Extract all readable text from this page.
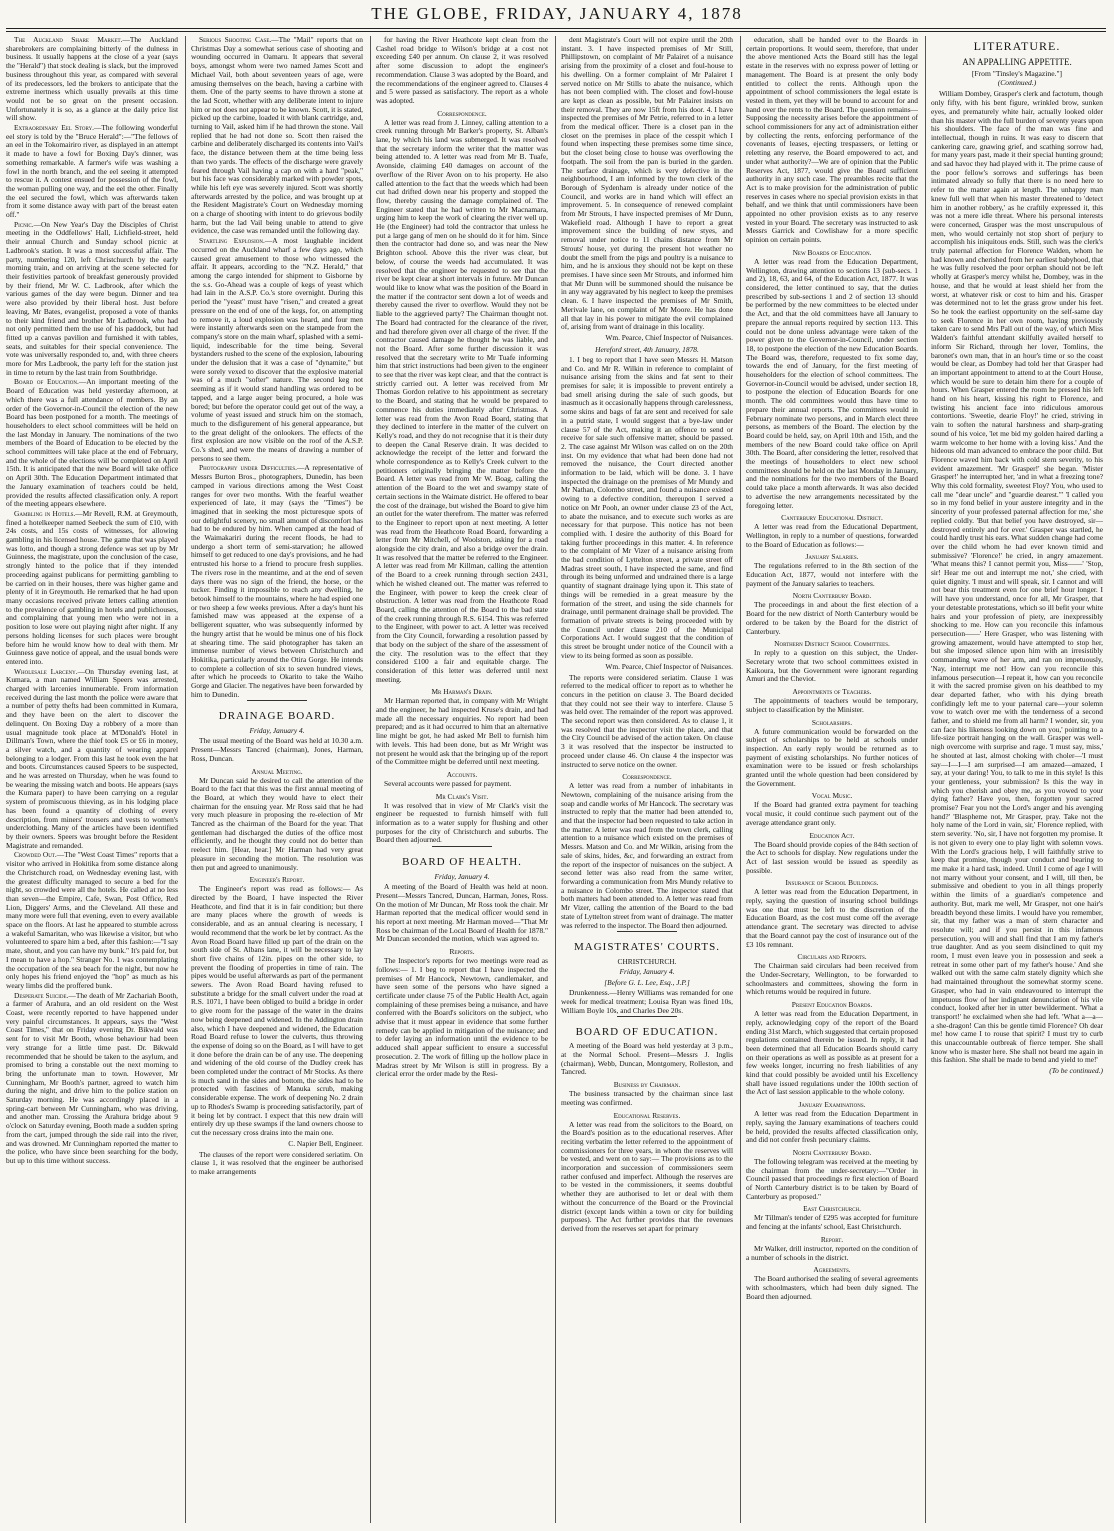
THE GLOBE, FRIDAY, JANUARY 4, 1878

The Auckland Share Market.—The Auckland sharebrokers are complaining bitterly of the dulness in business. It usually happens at the close of a year (says the "Herald") that stock dealing is slack, but the improved business throughout this year, as compared with several of its predecessors, led the brokers to anticipate that the extreme inertness which usually prevails at this time would not be so great on the present occasion. Unfortunately it is so, as a glance at the daily price list will show.

Extraordinary Eel Story.—The following wonderful eel story is told by the "Bruce Herald":—"The fellows of an eel in the Tokomairiro river, as displayed in an attempt it made to have a fowl for Boxing Day's dinner, was something remarkable. A farmer's wife was washing a fowl in the north branch, and the eel seeing it attempted to rescue it. A contest ensued for possession of the fowl, the woman pulling one way, and the eel the other. Finally the eel secured the fowl, which was afterwards taken from it some distance away with part of the breast eaten off."

Picnic.—On New Year's Day the Disciples of Christ meeting in the Oddfellows' Hall, Lichfield-street, held their annual Church and Sunday school picnic at Ladbrook's station. It was a most successful affair. The party, numbering 120, left Christchurch by the early morning train, and on arriving at the scene selected for their festivities partook of breakfast generously provided by their friend, Mr W. C. Ladbrook, after which the various games of the day were begun. Dinner and tea were also provided by their liberal host. Just before leaving, Mr Bates, evangelist, proposed a vote of thanks to their kind friend and brother Mr Ladbrook, who had not only permitted them the use of his paddock, but had fitted up a canvas pavilion and furnished it with tables, seats, and suitables for their special convenience. The vote was universally responded to, and, with three cheers more for Mrs Ladbrook, the party left for the station just in time to return by the last train from Southbridge.

Board of Education.—An important meeting of the Board of Education was held yesterday afternoon, at which there was a full attendance of members. By an order of the Governor-in-Council the election of the new Board has been postponed for a month. The meetings of householders to elect school committees will be held on the last Monday in January. The nominations of the two members of the Board of Education to be elected by the school committees will take place at the end of February, and the whole of the elections will be completed on April 15th. It is anticipated that the new Board will take office on April 30th. The Education Department intimated that the January examination of teachers could be held, provided the results affected classification only. A report of the meeting appears elsewhere.

Gambling in Hotels.—Mr Revell, R.M. at Greymouth, fined a hotelkeeper named Seebeck the sum of £10, with 24s costs, and 15s costs of witnesses, for allowing gambling in his licensed house. The game that was played was lotto, and though a strong defence was set up by Mr Guinness, the magistrate, upon the conclusion of the case, strongly hinted to the police that if they intended proceeding against publicans for permitting gambling to be carried on in their houses, there was higher game and plenty of it in Greymouth. He remarked that he had upon many occasions received private letters calling attention to the prevalence of gambling in hotels and publichouses, and complaining that young men who were not in a position to lose were out playing night after night. If any persons holding licenses for such places were brought before him he would know how to deal with them. Mr Guinness gave notice of appeal, and the usual bonds were entered into.

Wholesale Larceny.—On Thursday evening last, at Kumara, a man named William Speers was arrested, charged with larcenies innumerable. From information received during the last month the police were aware that a number of petty thefts had been committed in Kumara, and they have been on the alert to discover the delinquent. On Boxing Day a robbery of a more than usual magnitude took place at M'Donald's Hotel in Dillman's Town, where the thief took £5 or £6 in money, a silver watch, and a quantity of wearing apparel belonging to a lodger. From this last he took even the hat and boots. Circumstances caused Speers to be suspected, and he was arrested on Thursday, when he was found to be wearing the missing watch and boots. He appears (says the Kumara paper) to have been carrying on a regular system of promiscuous thieving, as in his lodging place has been found a quantity of clothing of every description, from miners' trousers and vests to women's underclothing. Many of the articles have been identified by their owners. Speers was brought before the Resident Magistrate and remanded.

Crowded Out.—The "West Coast Times" reports that a visitor who arrived in Hokitika from some distance along the Christchurch road, on Wednesday evening last, with the greatest difficulty managed to secure a bed for the night, so crowded were all the hotels. He called at no less than seven—the Empire, Cafe, Swan, Post Office, Red Lion, Diggers' Arms, and the Cleveland. All these and many more were full that evening, even to every available space on the floors. At last he appeared to stumble across a wakeful Samaritan, who was likewise a visitor, but who volunteered to spare him a bed, after this fashion:—"I say mate, shout, and you can have my bunk." It's paid for, but I mean to have a hop." Stranger No. 1 was contemplating the occupation of the sea beach for the night, but now he only hopes his friend enjoyed the "hop" as much as his weary limbs did the proffered bunk.

Desperate Suicide.—The death of Mr Zachariah Booth, a farmer of Arahura, and an old resident on the West Coast, were recently reported to have happened under very painful circumstances. It appears, says the "West Coast Times," that on Friday evening Dr. Bikwald was sent for to visit Mr Booth, whose behaviour had been very strange for a little time past. Dr. Bikwald recommended that he should be taken to the asylum, and promised to bring a constable out the next morning to bring the unfortunate man to town. However, Mr Cunningham, Mr Booth's partner, agreed to watch him during the night, and drive him to the police station on Saturday morning. He was accordingly placed in a spring-cart between Mr Cunningham, who was driving, and another man. Crossing the Arahura bridge about 9 o'clock on Saturday evening, Booth made a sudden spring from the cart, jumped through the side rail into the river, and was drowned. Mr Cunningham reported the matter to the police, who have since been searching for the body, but up to this time without success.

Serious Shooting Case.—The "Mail" reports that on Christmas Day a somewhat serious case of shooting and wounding occurred in Oamaru. It appears that several boys, amongst whom were two named James Scott and Michael Vail, both about seventeen years of age, were amusing themselves on the beach, having a carbine with them. One of the party seems to have thrown a stone at the lad Scott, whether with any deliberate intent to injure him or not does not appear to be known. Scott, it is stated, picked up the carbine, loaded it with blank cartridge, and, turning to Vail, asked him if he had thrown the stone. Vail replied that he had not done so. Scott then raised the carbine and deliberately discharged its contents into Vail's face, the distance between them at the time being less than two yards. The effects of the discharge were gravely feared through Vail having a cap on with a hard "peak," but his face was considerably marked with powder spots, while his left eye was severely injured. Scott was shortly afterwards arrested by the police, and was brought up at the Resident Magistrate's Court on Wednesday morning on a charge of shooting with intent to do grievous bodily harm, but the lad Vail being unable to attend to give evidence, the case was remanded until the following day.

Startling Explosion.—A most laughable incident occurred on the Auckland wharf a few days ago, which caused great amusement to those who witnessed the affair. It appears, according to the "N.Z. Herald," that among the cargo intended for shipment to Gisborne by the s.s. Go-Ahead was a couple of kegs of yeast which had lain in the A.S.P. Co.'s store overnight. During this period the "yeast" must have "risen," and created a great pressure on the end of one of the kegs, for, on attempting to remove it, a loud explosion was heard, and four men were instantly afterwards seen on the stampede from the company's store on the main wharf, splashed with a semi-liquid, indescribable for the time being. Several bystanders rushed to the scene of the explosion, labouring under the delusion that it was a case of "dynamite," but were sorely vexed to discover that the explosive material was of a much "softer" nature. The second keg not seeming as if it would stand handling was ordered to be tapped, and a large auger being procured, a hole was bored; but before the operator could get out of the way, a volume of yeast issued and struck him on the stomach, much to the disfigurement of his general appearance, but to the great delight of the onlookers. The effects of the first explosion are now visible on the roof of the A.S.P. Co.'s shed, and were the means of drawing a number of persons to see them.

Photography under Difficulties.—A representative of Messrs Burton Bros., photographers, Dunedin, has been camped in various directions among the West Coast ranges for over two months. With the fearful weather experienced of late, it may (says the "Times") be imagined that in seeking the most picturesque spots of our delightful scenery, no small amount of discomfort has had to be endured by him. When camped at the head of the Waimakariri during the recent floods, he had to undergo a short term of semi-starvation; he allowed himself to get reduced to one day's provisions, and he had entrusted his horse to a friend to procure fresh supplies. The rivers rose in the meantime, and at the end of seven days there was no sign of the friend, the horse, or the tucker. Finding it impossible to reach any dwelling, he betook himself to the mountains, where he had espied one or two sheep a few weeks previous. After a day's hunt his famished maw was appeased at the expense of a belligerent squatter, who was subsequently informed by the hungry artist that he would be minus one of his flock at shearing time. The said photographer has taken an immense number of views between Christchurch and Hokitika, particularly around the Otira Gorge. He intends to complete a collection of six to seven hundred views, after which he proceeds to Okarito to take the Waiho Gorge and Glacier. The negatives have been forwarded by him to Dunedin.

DRAINAGE BOARD.
Friday, January 4.

The usual meeting of the Board was held at 10.30 a.m. Present—Messrs Tancred (chairman), Jones, Harman, Ross, Duncan.

Annual Meeting.

Mr Duncan said he desired to call the attention of the Board to the fact that this was the first annual meeting of the Board, at which they would have to elect their chairman for the ensuing year. Mr Ross said that he had very much pleasure in proposing the re-election of Mr Tancred as the chairman of the Board for the year. That gentleman had discharged the duties of the office most efficiently, and he thought they could not do better than reelect him. [Hear, hear.] Mr Harman had very great pleasure in seconding the motion. The resolution was then put and agreed to unanimously.

Engineer's Report.

The Engineer's report was read as follows:— As directed by the Board, I have inspected the River Heathcote, and find that it is in fair condition; but there are many places where the growth of weeds is considerable, and as an annual clearing is necessary, I would recommend that the work be let by contract. As the Avon Road Board have filled up part of the drain on the south side of St. Albans lane, it will be necessary to lay short five chains of 12in. pipes on the other side, to prevent the flooding of properties in time of rain. The pipes would be useful afterwards as part of the permanent sewers. The Avon Road Board having refused to substitute a bridge for the small culvert under the road at R.S. 1071, I have been obliged to build a bridge in order to give room for the passage of the water in the drains now being deepened and widened. In the Addington drain also, which I have deepened and widened, the Education Road Board refuse to lower the culverts, thus throwing the expense of doing so on the Board, as I will have to get it done before the drain can be of any use. The deepening and widening of the old course of the Dudley creek has been completed under the contract of Mr Stocks. As there is much sand in the sides and bottom, the sides had to be protected with fascines of Manuka scrub, making considerable expense. The work of deepening No. 2 drain up to Rhodes's Swamp is proceeding satisfactorily, part of it being let by contract. I expect that this new drain will entirely dry up these swamps if the land owners choose to cut the necessary cross drains into the main one.

C. Napier Bell, Engineer.

The clauses of the report were considered seriatim. On clause 1, it was resolved that the engineer be authorised to make arrangements

for having the River Heathcote kept clean from the Cashel road bridge to Wilson's bridge at a cost not exceeding £40 per annum. On clause 2, it was resolved after some discussion to adopt the engineer's recommendation. Clause 3 was adopted by the Board, and the recommendations of the engineer agreed to. Clauses 4 and 5 were passed as satisfactory. The report as a whole was adopted.

Correspondence.

A letter was read from J. Linney, calling attention to a creek running through Mr Barker's property, St. Alban's lane, by which his land was submerged. It was resolved that the secretary inform the writer that the matter was being attended to. A letter was read from Mr B. Tuafe, Avonside, claiming £40 damages on account of the overflow of the River Avon on to his property. He also called attention to the fact that the weeds which had been cut had drifted down near his property and stopped the flow, thereby causing the damage complained of. The Engineer stated that he had written to Mr Macnamara, urging him to keep the work of clearing the river well up. He (the Engineer) had told the contractor that unless he put a large gang of men on he should do it for him. Since then the contractor had done so, and was near the New Brighton school. Above this the river was clear, but below, of course the weeds had accumulated. It was resolved that the engineer be requested to see that the river be kept clear at short intervals in future. Mr Duncan would like to know what was the position of the Board in the matter if the contractor sent down a lot of weeds and thereby caused the river to overflow. Would they not be liable to the aggrieved party? The Chairman thought not. The Board had contracted for the clearance of the river, and had therefore given over all charge of the river. If the contractor caused damage he thought he was liable, and not the Board. After some further discussion it was resolved that the secretary write to Mr Tuafe informing him that strict instructions had been given to the engineer to see that the river was kept clear, and that the contract is strictly carried out. A letter was received from Mr Thomas Gordon relative to his appointment as secretary to the Board, and stating that he would be prepared to commence his duties immediately after Christmas. A letter was read from the Avon Road Board, stating that they declined to interfere in the matter of the culvert on Kelly's road, and they do not recognise that it is their duty to deepen the Canal Reserve drain. It was decided to acknowledge the receipt of the letter and forward the whole correspondence as to Kelly's Creek culvert to the petitioners originally bringing the matter before the Board. A letter was read from Mr W. Boag, calling the attention of the Board to the wet and swampy state of certain sections in the Waimate district. He offered to bear the cost of the drainage, but wished the Board to give him an outlet for the water therefrom. The matter was referred to the Engineer to report upon at next meeting. A letter was read from the Heathcote Road Board, forwarding a letter from Mr Mitchell, of Woolston, asking for a road alongside the city drain, and also a bridge over the drain. It was resolved that the matter be referred to the Engineer. A letter was read from Mr Killman, calling the attention of the Board to a creek running through section 2431, which he wished cleaned out. The matter was referred to the Engineer, with power to keep the creek clear of obstruction. A letter was read from the Heathcote Road Board, calling the attention of the Board to the bad state of the creek running through R.S. 6154. This was referred to the Engineer, with power to act. A letter was received from the City Council, forwarding a resolution passed by that body on the subject of the share of the assessment of the city. The resolution was to the effect that they considered £100 a fair and equitable charge. The consideration of this letter was deferred until next meeting.

Mr Harman's Drain.

Mr Harman reported that, in company with Mr Wright and the engineer, he had inspected Kruse's drain, and had made all the necessary enquiries. No report had been prepared; and as it had occurred to him that an alternative line might be got, he had asked Mr Bell to furnish him with levels. This had been done, but as Mr Wright was not present he would ask that the bringing up of the report of the Committee might be deferred until next meeting.

Accounts.

Several accounts were passed for payment.

Mr Clark's Visit.

It was resolved that in view of Mr Clark's visit the engineer be requested to furnish himself with full information as to a water supply for flushing and other purposes for the city of Christchurch and suburbs. The Board then adjourned.

BOARD OF HEALTH.
Friday, January 4.

A meeting of the Board of Health was held at noon. Present—Messrs Tancred, Duncan, Harman, Jones, Ross. On the motion of Mr Duncan, Mr Ross took the chair. Mr Harman reported that the medical officer would send in his report at next meeting. Mr Harman moved—"That Mr Ross be chairman of the Local Board of Health for 1878." Mr Duncan seconded the motion, which was agreed to.

Reports.

The Inspector's reports for two meetings were read as follows:— 1. I beg to report that I have inspected the premises of Mr Hancock, Newtown, candlemaker, and have seen some of the persons who have signed a certificate under clause 75 of the Public Health Act, again complaining of these premises being a nuisance, and have conferred with the Board's solicitors on the subject, who advise that it must appear in evidence that some further remedy can be applied in mitigation of the nuisance; and to defer laying an information until the evidence to be adduced shall appear sufficient to ensure a successful prosecution. 2. The work of filling up the hollow place in Madras street by Mr Wilson is still in progress. By a clerical error the order made by the Resi-

dent Magistrate's Court will not expire until the 20th instant. 3. I have inspected premises of Mr Still, Phillipstown, on complaint of Mr Palairet of a nuisance arising from the proximity of a closet and foul-house to his dwelling. On a former complaint of Mr Palairet I served notice on Mr Stills to abate the nuisance, which has not been complied with. The closet and fowl-house are kept as clean as possible, but Mr Palairet insists on their removal. They are now 15ft from his door. 4. I have inspected the premises of Mr Petrie, referred to in a letter from the medical officer. There is a closet pan in the closet on the premises in place of the cesspit which I found when inspecting these premises some time since, but the closet being close to house was overflowing the footpath. The soil from the pan is buried in the garden. The surface drainage, which is very defective in the neighbourhood, I am informed by the town clerk of the Borough of Sydenham is already under notice of the Council, and works are in hand which will effect an improvement. 5. In consequence of renewed complaint from Mr Strouts, I have inspected premises of Mr Dunn, Wakefield road. Although I have to report a great improvement since the building of new styes, and removal under notice to 11 chains distance from Mr Strouts' house, yet during the present hot weather no doubt the smell from the pigs and poultry is a nuisance to him, and he is anxious they should not be kept on these premises. I have since seen Mr Strouts, and informed him that Mr Dunn will be summoned should the nuisance be in any way aggravated by his neglect to keep the premises clean. 6. I have inspected the premises of Mr Smith, Merivale lane, on complaint of Mr Moore. He has done all that lay in his power to mitigate the evil complained of, arising from want of drainage in this locality.

Wm. Pearce, Chief Inspector of Nuisances.
Hereford street, 4th January, 1878.

1. I beg to report that I have seen Messrs H. Matson and Co. and Mr R. Wilkin in reference to complaint of nuisance arising from the skins and fat sent to their premises for sale; it is impossible to prevent entirely a bad smell arising during the sale of such goods, but inasmuch as it occasionally happens through carelessness, some skins and bags of fat are sent and received for sale in a putrid state, I would suggest that a bye-law under clause 57 of the Act, making it an offence to send or receive for sale such offensive matter, should be passed. 2. The case against Mr Wilson was called on on the 20th inst. On my evidence that what had been done had not removed the nuisance, the Court directed another information to be laid, which will be done. 3. I have inspected the drainage on the premises of Mr Mundy and Mr Nathan, Colombo street, and found a nuisance existed owing to a defective condition, thereupon I served a notice on Mr Pooh, an owner under clause 23 of the Act, to abate the nuisance, and to execute such works as are necessary for that purpose. This notice has not been complied with. I desire the authority of this Board for taking further proceedings in this matter. 4. In reference to the complaint of Mr Vizer of a nuisance arising from the bad condition of Lyttelton street, a private street off Madras street south, I have inspected the same, and find through its being unformed and undrained there is a large quantity of stagnant drainage lying upon it. This state of things will be remedied in a great measure by the formation of the street, and using the side channels for drainage, until permanent drainage shall be provided. The formation of private streets is being proceeded with by the Council under clause 210 of the Municipal Corporations Act. I would suggest that the condition of this street be brought under notice of the Council with a view to its being formed as soon as possible.

Wm. Pearce, Chief Inspector of Nuisances.

The reports were considered seriatim. Clause 1 was referred to the medical officer to report as to whether he concurs in the petition on clause 3. The Board decided that they could not see their way to interfere. Clause 5 was held over. The remainder of the report was approved. The second report was then considered. As to clause 1, it was resolved that the inspector visit the place, and that the City Council be advised of the action taken. On clause 3 it was resolved that the inspector be instructed to proceed under clause 46. On clause 4 the inspector was instructed to serve notice on the owner.

Correspondence.

A letter was read from a number of inhabitants in Newtown, complaining of the nuisance arising from the soap and candle works of Mr Hancock. The secretary was instructed to reply that the matter had been attended to, and that the inspector had been requested to take action in the matter. A letter was read from the town clerk, calling attention to a nuisance which existed on the premises of Messrs. Matson and Co. and Mr Wilkin, arising from the sale of skins, hides, &c, and forwarding an extract from the report of the inspector of nuisances on the subject. A second letter was also read from the same writer, forwarding a communication from Mrs Mundy relative to a nuisance in Colombo street. The inspector stated that both matters had been attended to. A letter was read from Mr Vizer, calling the attention of the Board to the bad state of Lyttelton street from want of drainage. The matter was referred to the inspector. The Board then adjourned.

MAGISTRATES' COURTS.
CHRISTCHURCH.
Friday, January 4.
[Before G. L. Lee, Esq., J.P.]

Drunkenness.—Henry Williams was remanded for one week for medical treatment; Louisa Ryan was fined 10s, William Boyle 10s, and Charles Dee 20s.

BOARD OF EDUCATION.

A meeting of the Board was held yesterday at 3 p.m., at the Normal School. Present—Messrs J. Inglis (chairman), Webb, Duncan, Montgomery, Rolleston, and Tancred.

Business by Chairman.

The business transacted by the chairman since last meeting was confirmed.

Educational Reserves.

A letter was read from the solicitors to the Board, on the Board's position as to the educational reserves. After reciting verbatim the letter referred to the appointment of commissioners for three years, in whom the reserves will be vested, and went on to say:— The provisions as to the incorporation and succession of commissioners seem rather confused and imperfect. Although the reserves are to be vested in the commissioners, it seems doubtful whether they are authorised to let or deal with them without the concurrence of the Board or the Provincial district (except lands within a town or city for building purposes). The Act further provides that the revenues derived from the reserves set apart for primary

education, shall be handed over to the Boards in certain proportions. It would seem, therefore, that under the above mentioned Acts the Board still has the legal estate in the reserves with no express power of letting or management. The Board is at present the only body entitled to collect the rents. Although upon the appointment of school commissioners the legal estate is vested in them, yet they will be bound to account for and hand over the rents to the Board. The question remains—Supposing the necessity arises before the appointment of school commissioners for any act of administration either by collecting the rents, enforcing performance of the covenants of leases, ejecting trespassers, or letting or reletting any reserve, the Board empowered to act, and under what authority?—We are of opinion that the Public Reserves Act, 1877, would give the Board sufficient authority in any such case. The preambles recite that the Act is to make provision for the administration of public reserves in cases where no special provision exists in that behalf, and we think that until commissioners have been appointed no other provision exists as to any reserve vested in your Board. The secretary was instructed to ask Messrs Garrick and Cowlishaw for a more specific opinion on certain points.

New Boards of Education.

A letter was read from the Education Department, Wellington, drawing attention to sections 13 (sub-secs. 1 and 2), 18, 63, and 64, of the Education Act, 1877. It was considered, the letter continued to say, that the duties prescribed by sub-sections 1 and 2 of section 13 should be performed by the new committees to be elected under the Act, and that the old committees have all January to prepare the annual reports required by section 113. This could not be done unless advantage were taken of the power given to the Governor-in-Council, under section 18, to postpone the election of the new Education Boards. The Board was, therefore, requested to fix some day, towards the end of January, for the first meeting of householders for the election of school committees. The Governor-in-Council would be advised, under section 18, to postpone the election of Education Boards for one month. The old committees would thus have time to prepare their annual reports. The committees would in February nominate two persons, and in March elect three persons, as members of the Board. The election by the Board could be held, say, on April 10th and 15th, and the members of the new Board could take office on April 30th. The Board, after considering the letter, resolved that the meetings of householders to elect new school committees should be held on the last Monday in January, and the nominations for the two members of the Board could take place a month afterwards. It was also decided to advertise the new arrangements necessitated by the foregoing letter.

Canterbury Educational District.

A letter was read from the Educational Department, Wellington, in reply to a number of questions, forwarded to the Board of Education as follows:—

January Salaries.

The regulations referred to in the 8th section of the Education Act, 1877, would not interfere with the payment of the January salaries to teachers.

North Canterbury Board.

The proceedings in and about the first election of a Board for the new district of North Canterbury would be ordered to be taken by the Board for the district of Canterbury.

Northern District School Committees.

In reply to a question on this subject, the Under-Secretary wrote that two school committees existed in Kaikoura, but the Government were ignorant regarding Amuri and the Cheviot.

Appointments of Teachers.

The appointments of teachers would be temporary, subject to classification by the Minister.

Scholarships.

A future communication would be forwarded on the subject of scholarships to be held at schools under inspection. An early reply would be returned as to payment of existing scholarships. No further notices of examination were to be issued or fresh scholarships granted until the whole question had been considered by the Government.

Vocal Music.

If the Board had granted extra payment for teaching vocal music, it could continue such payment out of the average attendance grant only.

Education Act.

The Board should provide copies of the 84th section of the Act to schools for display. New regulations under the Act of last session would be issued as speedily as possible.

Insurance of School Buildings.

A letter was read from the Education Department, in reply, saying the question of insuring school buildings was one that must be left to the discretion of the Education Board, as the cost must come off the average attendance grant. The secretary was directed to advise that the Board cannot pay the cost of insurance out of the £3 10s remnant.

Circulars and Reports.

The Chairman said circulars had been received from the Under-Secretary, Wellington, to be forwarded to schoolmasters and committees, showing the form in which returns would be required in future.

Present Education Boards.

A letter was read from the Education Department, in reply, acknowledging copy of the report of the Board ending 31st March, which suggested that certain proposed regulations contained therein be issued. In reply, it had been determined that all Education Boards should carry on their operations as well as possible as at present for a few weeks longer, incurring no fresh liabilities of any kind that could possibly be avoided until his Excellency shall have issued regulations under the 100th section of the Act of last session applicable to the whole colony.

January Examinations.

A letter was read from the Education Department in reply, saying the January examinations of teachers could be held, provided the results affected classification only, and did not confer fresh pecuniary claims.

North Canterbury Board.

The following telegram was received at the meeting by the chairman from the under-secretary:—"Order in Council passed that proceedings re first election of Board of North Canterbury district is to be taken by Board of Canterbury as proposed."

East Christchurch.

Mr Tillman's tender of £295 was accepted for furniture and fencing at the infants' school, East Christchurch.

Report.

Mr Walker, drill instructor, reported on the condition of a number of schools in the district.

Agreements.

The Board authorised the sealing of several agreements with schoolmasters, which had been duly signed. The Board then adjourned.

LITERATURE.
AN APPALLING APPETITE.
[From "Tinsley's Magazine."]
(Continued.)

William Dombey, Grasper's clerk and factotum, though only fifty, with his bent figure, wrinkled brow, sunken eyes, and prematurely white hair, actually looked older than his master with the full burden of seventy years upon his shoulders. The face of the man was fine and intellectual, though in ruins. It was easy to discern that cankering care, gnawing grief, and scathing sorrow had, for many years past, made it their special hunting ground; and sad havoc they had played with it. The prime cause of the poor fellow's sorrows and sufferings has been intimated already so fully that there is no need here to refer to the matter again at length. The unhappy man knew full well that when his master threatened to 'detect him in another robbery,' as he craftily expressed it, this was not a mere idle threat. Where his personal interests were concerned, Grasper was the most unscrupulous of men, who would certainly not stop short of perjury to accomplish his iniquitous ends. Still, such was the clerk's truly paternal affection for Florence Walden, whom he had known and cherished from her earliest babyhood, that he was fully resolved the poor orphan should not be left wholly at Grasper's mercy whilst he, Dombey, was in the house, and that he would at least shield her from the worst, at whatever risk or cost to him and his. Grasper was determined not to let the grass grow under his feet. So he took the earliest opportunity on the self-same day to seek Florence in her own room, having previously taken care to send Mrs Pall out of the way, of which Miss Walden's faithful attendant skilfully availed herself to inform Sir Richard, through her lover, Tomlins, the baronet's own man, that in an hour's time or so the coast would be clear, as Dombey had told her that Grasper had an important appointment to attend to at the Court House, which would be sure to detain him there for a couple of hours. When Grasper entered the room he pressed his left hand on his heart, kissing his right to Florence, and twisting his ancient face into ridiculous amorous contortions. 'Sweetie, dearie Floy!' he cried, striving in vain to soften the natural harshness and sharp-grating sound of his voice, 'let me bid my golden haired darling a warm welcome to her home with a loving kiss.' And the hideous old man advanced to embrace the poor child. But Florence waved him back with cold stern severity, to his evident amazement. 'Mr Grasper!' she began. 'Mister Grasper!' he interrupted her, 'and in what a freezing tone? Why this cold formality, sweetest Floy? You, who used to call me "dear uncle" and "guardie dearest."' 'I called you so in my fond belief in your austere integrity and in the sincerity of your professed paternal affection for me,' she replied coldly. 'But that belief you have destroyed, sir—destroyed entirely and for ever.' Grasper was startled, he could hardly trust his ears. What sudden change had come over the child whom he had ever known timid and submissive? 'Florence!' he cried, in angry amazement. 'What means this? I cannot permit you, Miss——' 'Stop, sir! Hear me out and interrupt me not,' she cried, with quiet dignity. 'I must and will speak, sir. I cannot and will not bear this treatment even for one brief hour longer. I will have you understand, once for all, Mr Grasper, that your detestable protestations, which so ill befit your white hairs and your profession of piety, are inexpressibly shocking to me. How can you reconcile this infamous persecution——' Here Grasper, who was listening with growing amazement, would have attempted to stop her, but she imposed silence upon him with an irresistibly commanding wave of her arm, and ran on impetuously, 'Nay, interrupt me not! How can you reconcile this infamous persecution—I repeat it, how can you reconcile it with the sacred promise given on his deathbed to my dear departed father, who with his dying breath confidingly left me to your paternal care—your solemn vow to watch over me with the tenderness of a second father, and to shield me from all harm? I wonder, sir, you can face his likeness looking down on you,' pointing to a life-size portrait hanging on the wall. Grasper was well-nigh overcome with surprise and rage. 'I must say, miss,' he shouted at last, almost choking with choler—'I must say—I—I—I am surprised—I am amazed—amazed, I say, at your daring! You, to talk to me in this style! Is this your gentleness, your submission? Is this the way in which you cherish and obey me, as you vowed to your dying father? Have you, then, forgotten your sacred promise? Fear you not the Lord's anger and his avenging hand?' 'Blaspheme not, Mr Grasper, pray. Take not the holy name of the Lord in vain, sir,' Florence replied, with stern severity. 'No, sir, I have not forgotten my promise. It is not given to every one to play light with solemn vows. With the Lord's gracious help, I will faithfully strive to keep that promise, though your conduct and bearing to me make it a hard task, indeed. Until I come of age I will not marry without your consent, and I will, till then, be submissive and obedient to you in all things properly within the limits of a guardian's competence and authority. But, mark me well, Mr Grasper, not one hair's breadth beyond these limits. I would have you remember, sir, that my father was a man of stern character and resolute will; and if you persist in this infamous persecution, you will and shall find that I am my father's true daughter. And as you seem disinclined to quit my room, I must even leave you in possession and seek a retreat in some other part of my father's house.' And she walked out with the same calm stately dignity which she had maintained throughout the somewhat stormy scene. Grasper, who had in vain endeavoured to interrupt the impetuous flow of her indignant denunciation of his vile conduct, looked after her in utter bewilderment. 'What a transport!' he exclaimed when she had left. 'What a—a—a she-dragon! Can this be gentle timid Florence? Oh dear me! how came I to rouse that spirit? I must try to curb this unaccountable outbreak of fierce temper. She shall know who is master here. She shall not beard me again in this fashion. She shall be made to bend and yield to me!'

(To be continued.)
